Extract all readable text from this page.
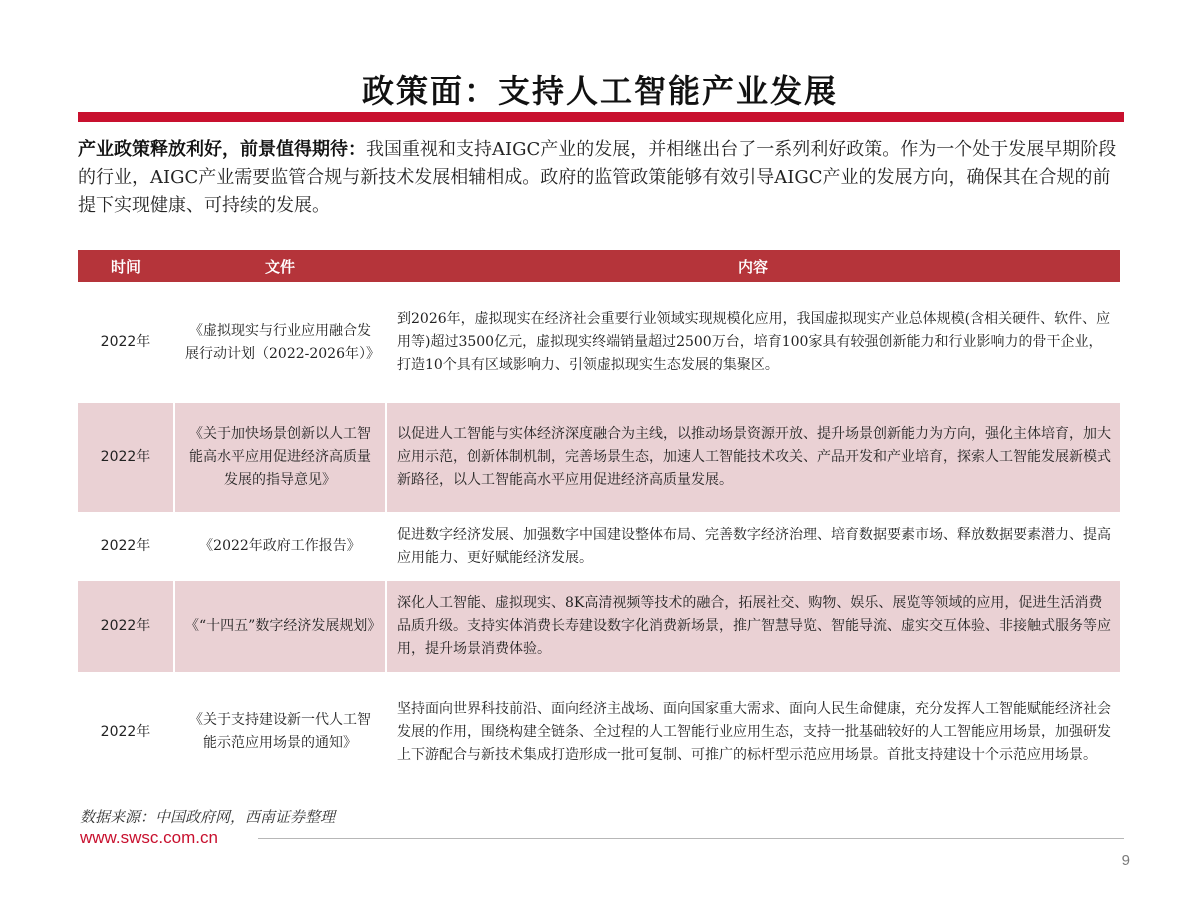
政策面：支持人工智能产业发展
产业政策释放利好，前景值得期待：我国重视和支持AIGC产业的发展，并相继出台了一系列利好政策。作为一个处于发展早期阶段的行业，AIGC产业需要监管合规与新技术发展相辅相成。政府的监管政策能够有效引导AIGC产业的发展方向，确保其在合规的前提下实现健康、可持续的发展。
时间	文件	内容
2022年	《虚拟现实与行业应用融合发展行动计划（2022-2026年）》	到2026年，虚拟现实在经济社会重要行业领域实现规模化应用，我国虚拟现实产业总体规模(含相关硬件、软件、应用等)超过3500亿元，虚拟现实终端销量超过2500万台，培育100家具有较强创新能力和行业影响力的骨干企业，打造10个具有区域影响力、引领虚拟现实生态发展的集聚区。
2022年	《关于加快场景创新以人工智能高水平应用促进经济高质量发展的指导意见》	以促进人工智能与实体经济深度融合为主线，以推动场景资源开放、提升场景创新能力为方向，强化主体培育，加大应用示范，创新体制机制，完善场景生态，加速人工智能技术攻关、产品开发和产业培育，探索人工智能发展新模式新路径，以人工智能高水平应用促进经济高质量发展。
2022年	《2022年政府工作报告》	促进数字经济发展、加强数字中国建设整体布局、完善数字经济治理、培育数据要素市场、释放数据要素潜力、提高应用能力、更好赋能经济发展。
2022年	《“十四五”数字经济发展规划》	深化人工智能、虚拟现实、8K高清视频等技术的融合，拓展社交、购物、娱乐、展览等领域的应用，促进生活消费品质升级。支持实体消费长寿建设数字化消费新场景，推广智慧导览、智能导流、虚实交互体验、非接触式服务等应用，提升场景消费体验。
2022年	《关于支持建设新一代人工智能示范应用场景的通知》	坚持面向世界科技前沿、面向经济主战场、面向国家重大需求、面向人民生命健康，充分发挥人工智能赋能经济社会发展的作用，围绕构建全链条、全过程的人工智能行业应用生态，支持一批基础较好的人工智能应用场景，加强研发上下游配合与新技术集成打造形成一批可复制、可推广的标杆型示范应用场景。首批支持建设十个示范应用场景。
数据来源：中国政府网，西南证券整理
www.swsc.com.cn
9
